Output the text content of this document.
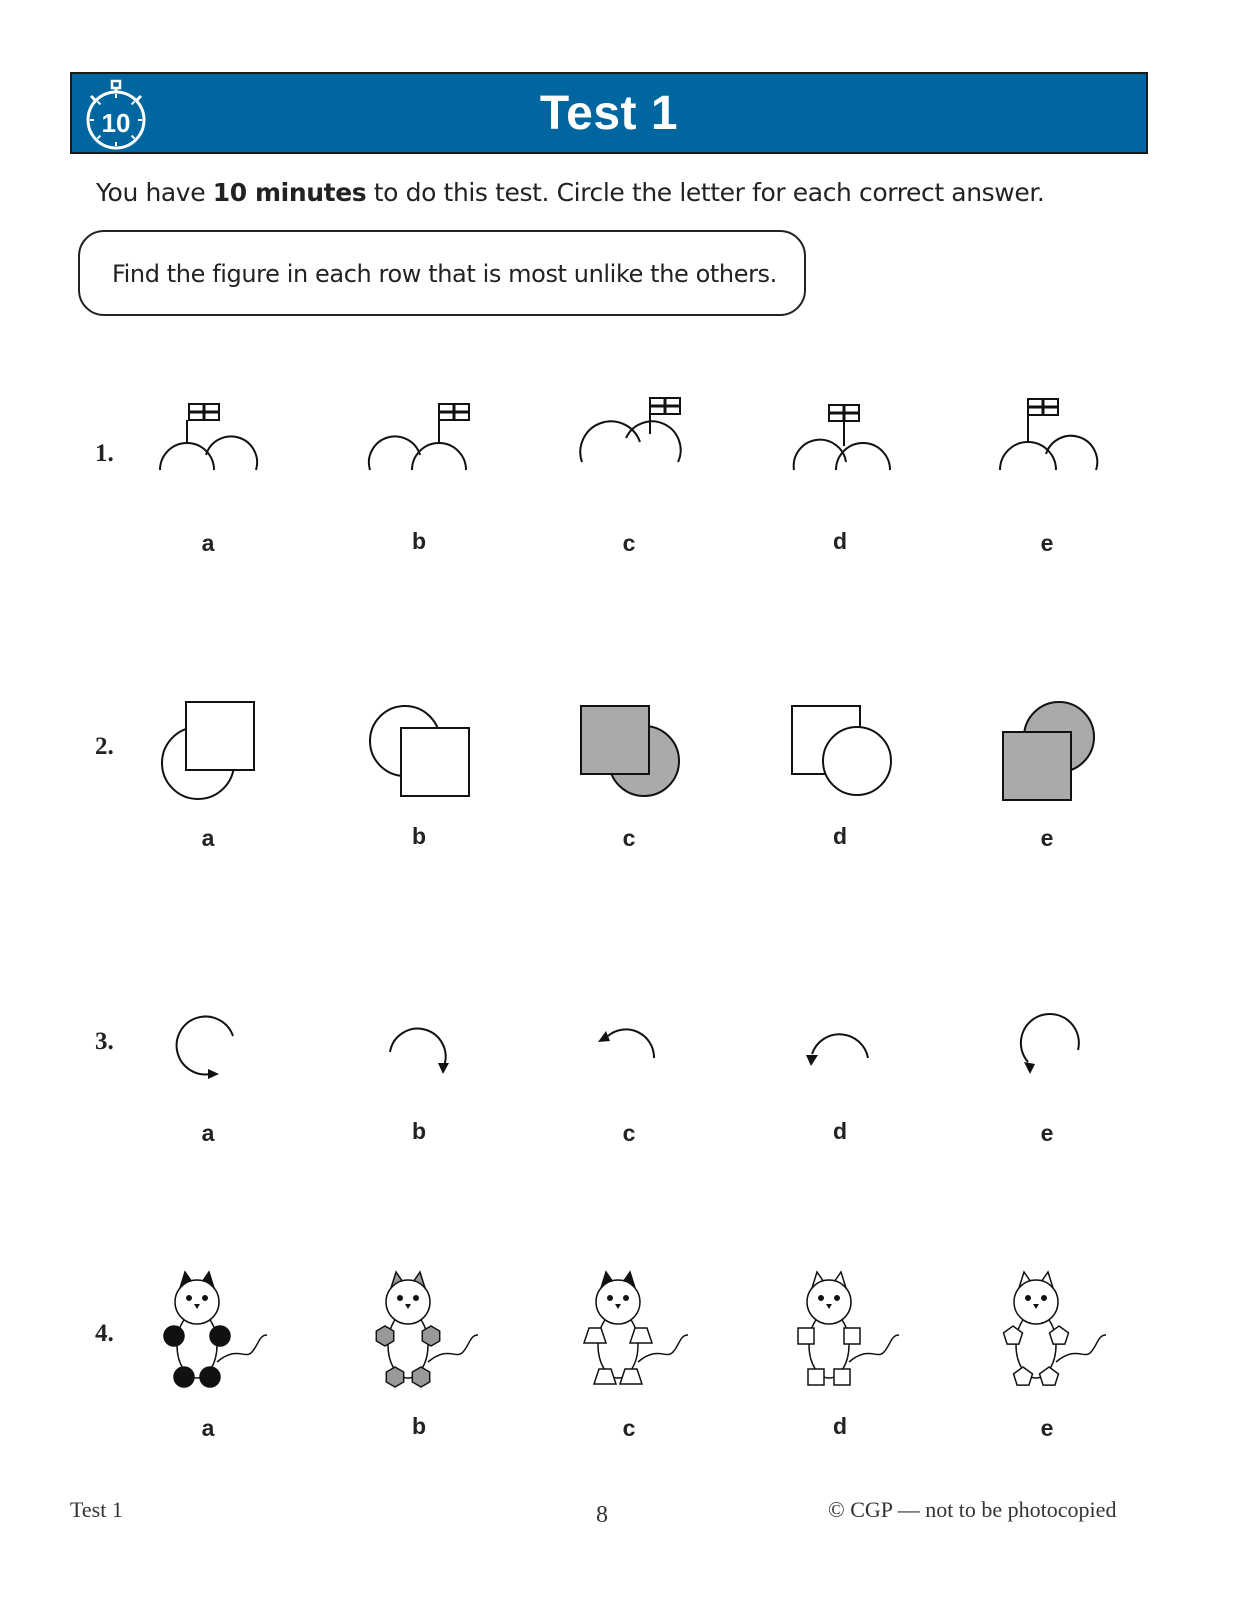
10	Test 1
You have 10 minutes to do this test. Circle the letter for each correct answer.
Find the figure in each row that is most unlike the others.
1.
a	b	c	d	e
2.
a	b	c	d	e
3.
a	b	c	d	e
4.
a	b	c	d	e
Test 1	8	© CGP — not to be photocopied
